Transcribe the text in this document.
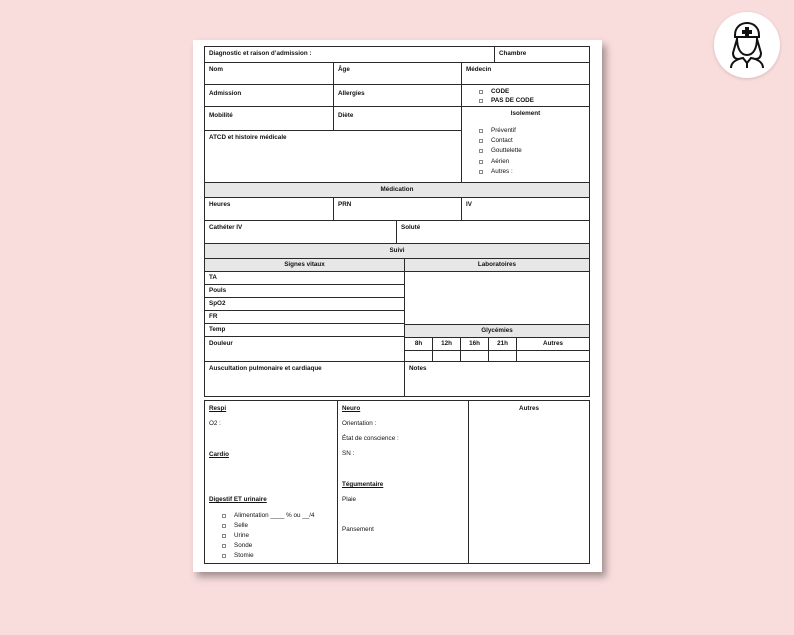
Diagnostic et raison d’admission :	Chambre
Nom	Âge	Médecin
Admission	Allergies	CODE
PAS DE CODE
Mobilité	Diète	Isolement
Préventif
Contact
Gouttelette
Aérien
Autres :
ATCD et histoire médicale
Médication
Heures	PRN	IV
Cathéter IV	Soluté
Suivi
Signes vitaux	Laboratoires
TA
Pouls
SpO2
FR
Temp	Glycémies
Douleur	8h	12h	16h	21h	Autres
Auscultation pulmonaire et cardiaque	Notes
Respi
O2 :
Cardio
Digestif ET urinaire
Alimentation ____ % ou __/4
Selle
Urine
Sonde
Stomie
Neuro
Orientation :
État de conscience :
SN :
Tégumentaire
Plaie
Pansement
Autres
